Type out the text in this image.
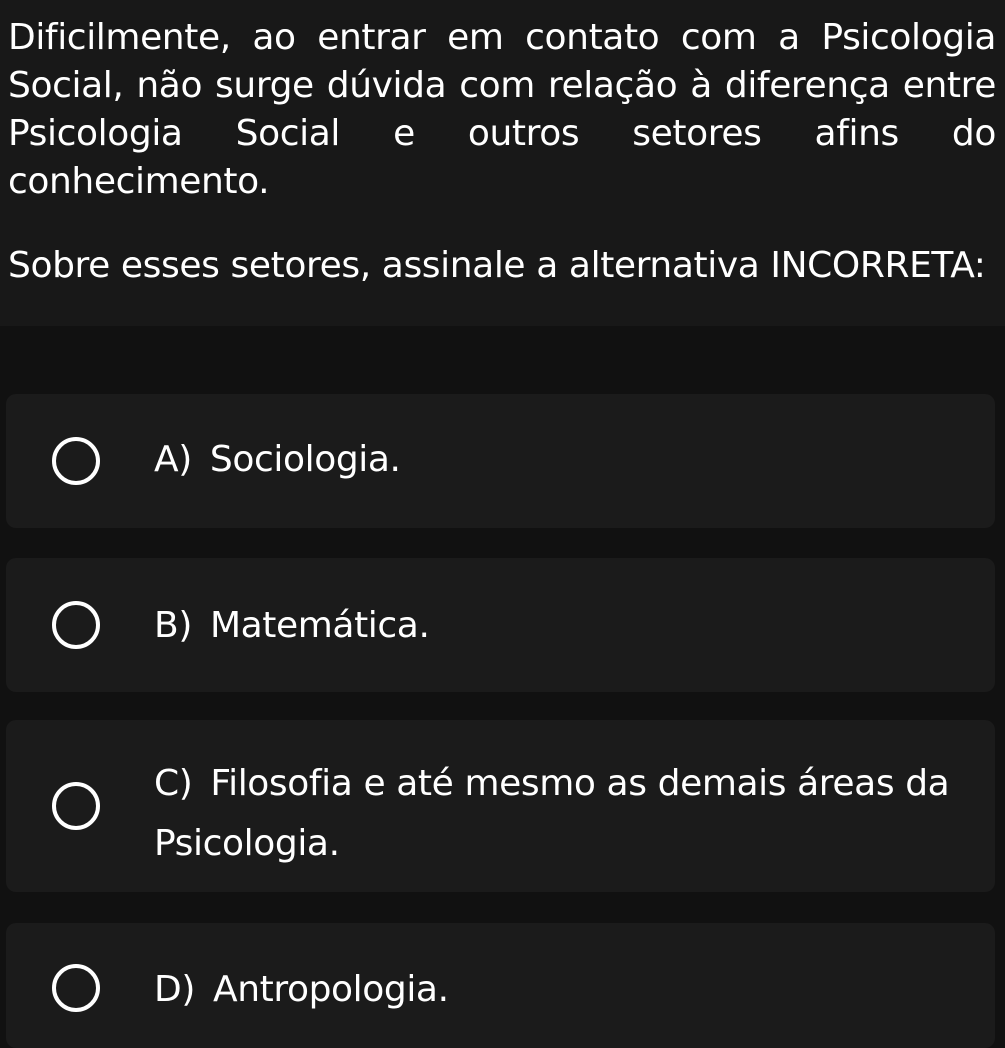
Dificilmente, ao entrar em contato com a Psicologia Social, não surge dúvida com relação à diferença entre Psicologia Social e outros setores afins do conhecimento.

Sobre esses setores, assinale a alternativa INCORRETA:

A) Sociologia.
B) Matemática.
C) Filosofia e até mesmo as demais áreas da Psicologia.
D) Antropologia.
